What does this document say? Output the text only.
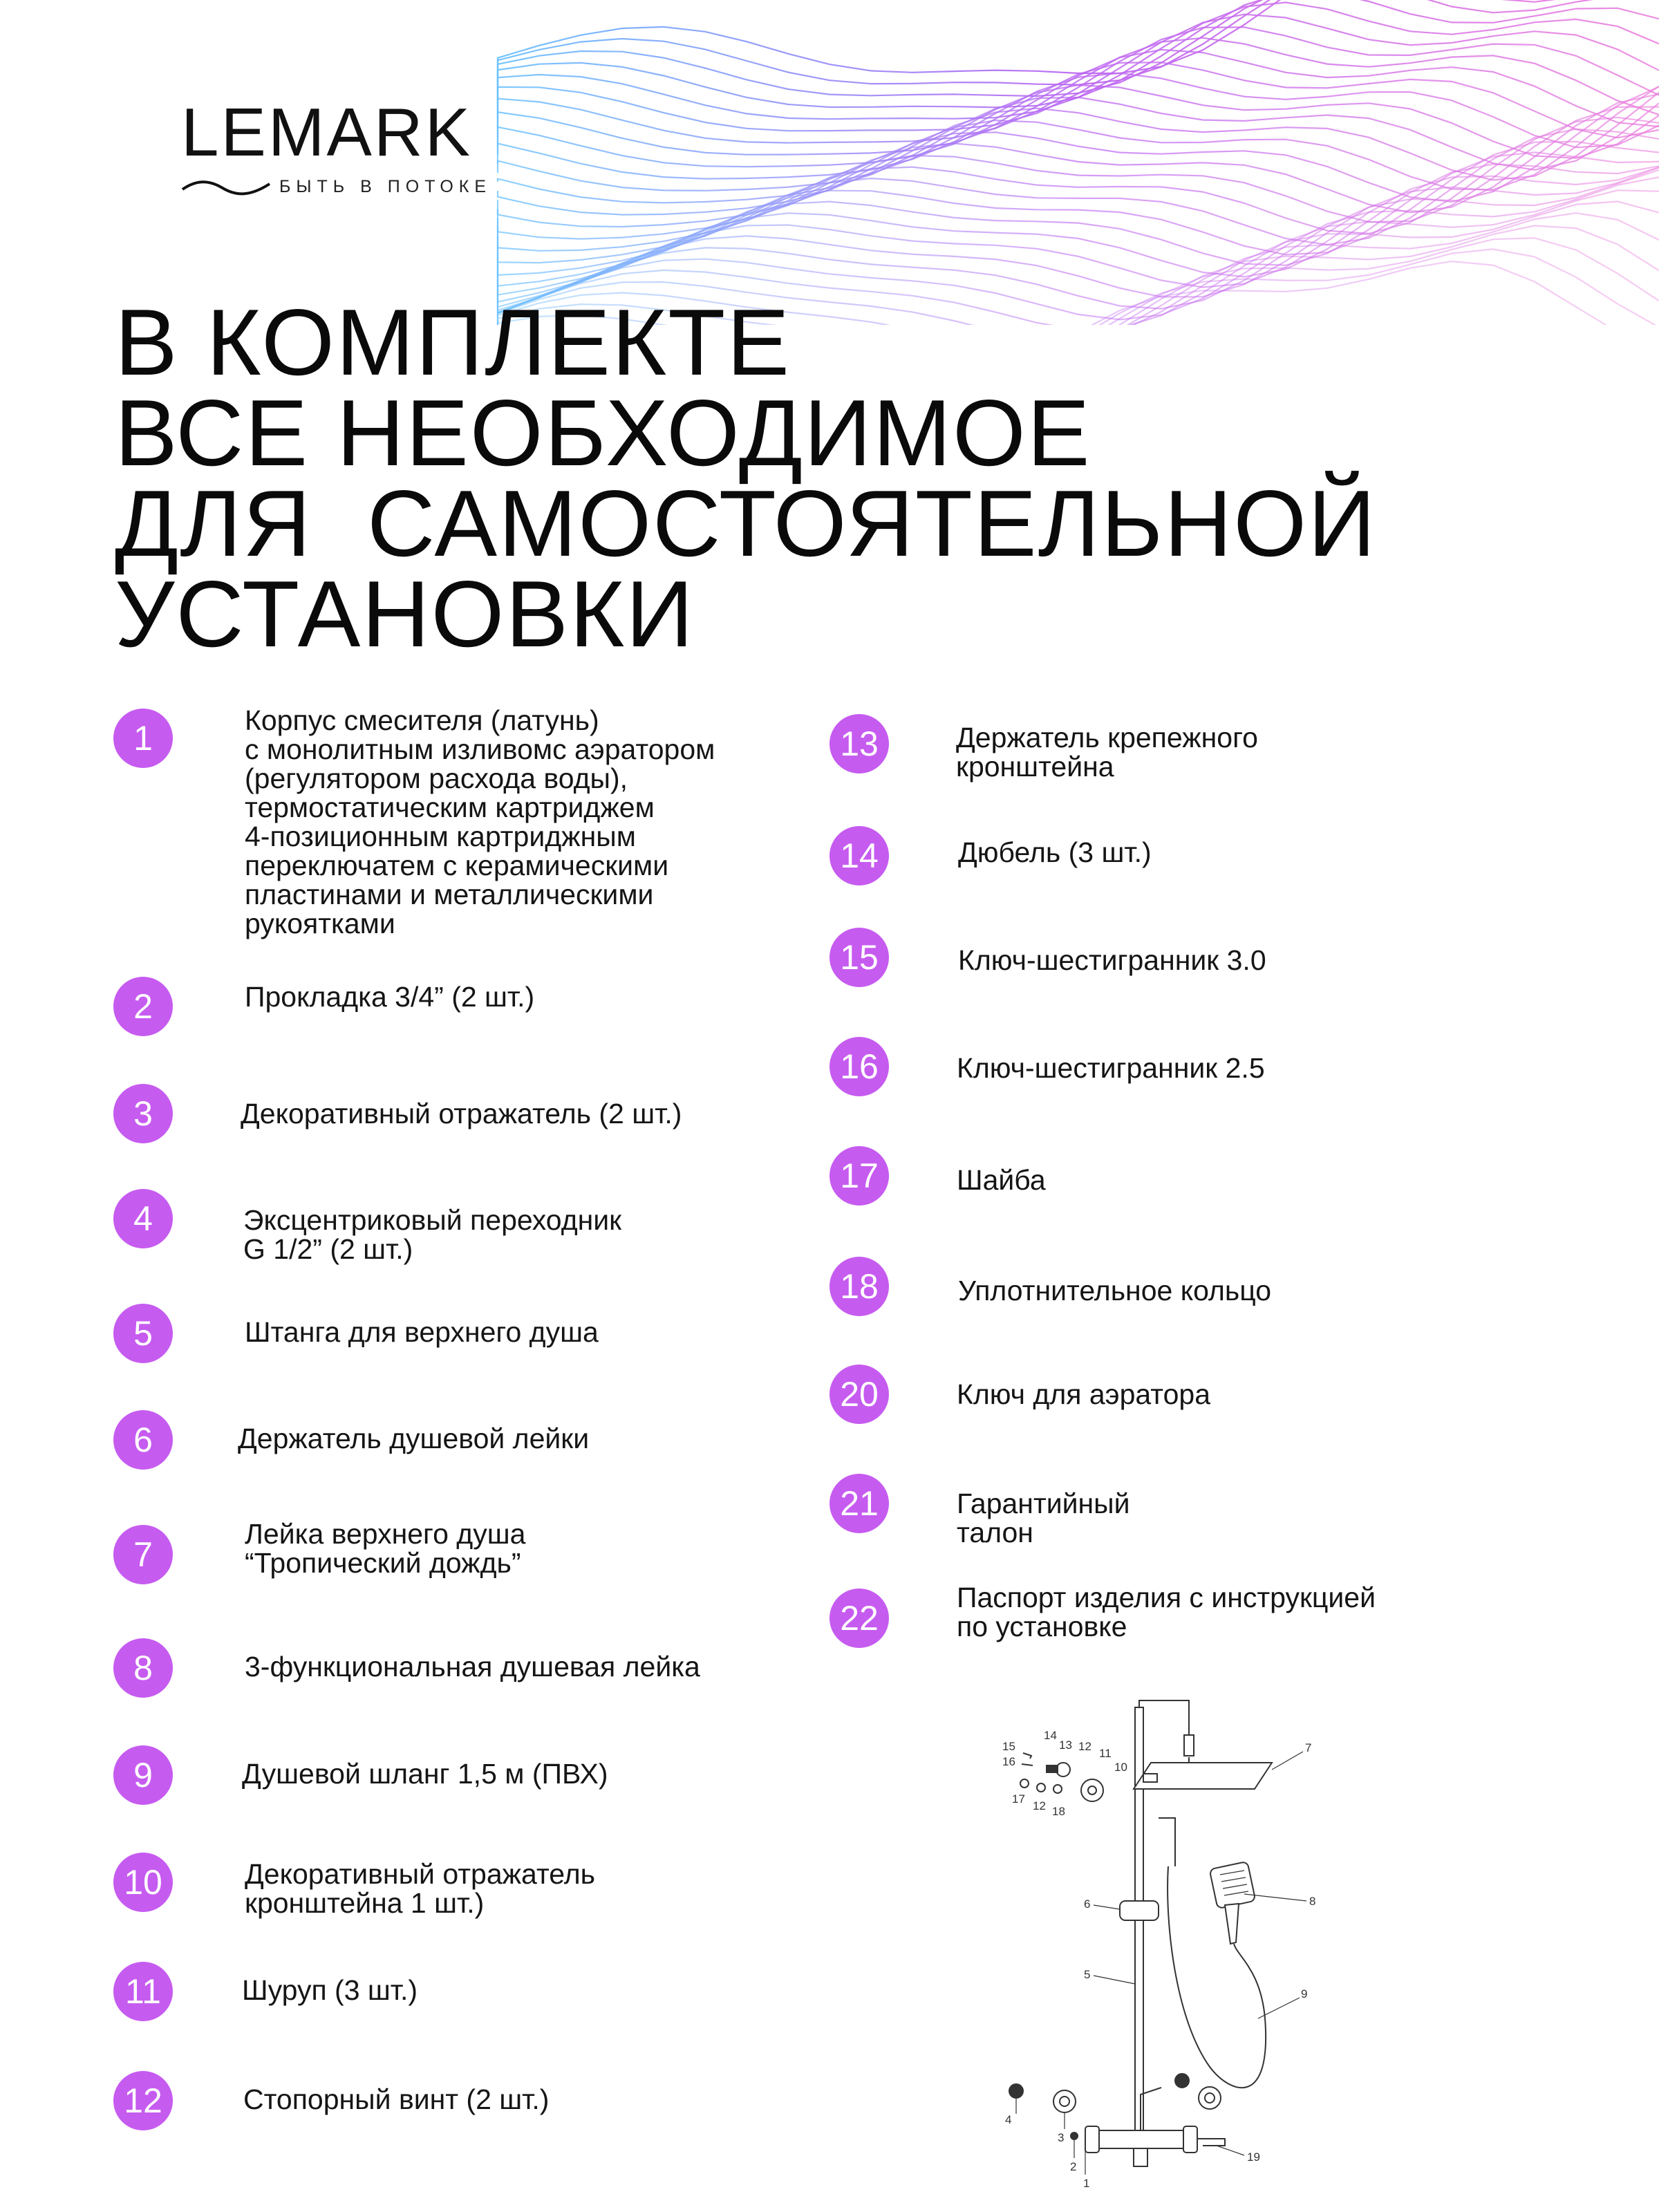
LEMARK
БЫТЬ В ПОТОКЕ
В КОМПЛЕКТЕ
ВСЕ НЕОБХОДИМОЕ
ДЛЯ  САМОСТОЯТЕЛЬНОЙ
УСТАНОВКИ
1	Корпус смесителя (латунь)
с монолитным изливомс аэратором
(регулятором расхода воды),
термостатическим картриджем
4-позиционным картриджным
переключатем с керамическими
пластинами и металлическими
рукоятками
2	Прокладка 3/4” (2 шт.)
3	Декоративный отражатель (2 шт.)
4	Эксцентриковый переходник
G 1/2” (2 шт.)
5	Штанга для верхнего душа
6	Держатель душевой лейки
7
Лейка верхнего душа
“Тропический дождь”
8	3-функциональная душевая лейка
9	Душевой шланг 1,5 м (ПВХ)
10	Декоративный отражатель
кронштейна 1 шт.)
11	Шуруп (3 шт.)
12	Стопорный винт (2 шт.)
13	Держатель крепежного
кронштейна
14	Дюбель (3 шт.)
15	Ключ-шестигранник 3.0
16	Ключ-шестигранник 2.5
17	Шайба
18	Уплотнительное кольцо
20	Ключ для аэратора
21	Гарантийный
талон
22
Паспорт изделия с инструкцией
по установке
1
2
3
4
5
6
7
8
9
10
11
12
12
13
14
15
16
17
18
19
